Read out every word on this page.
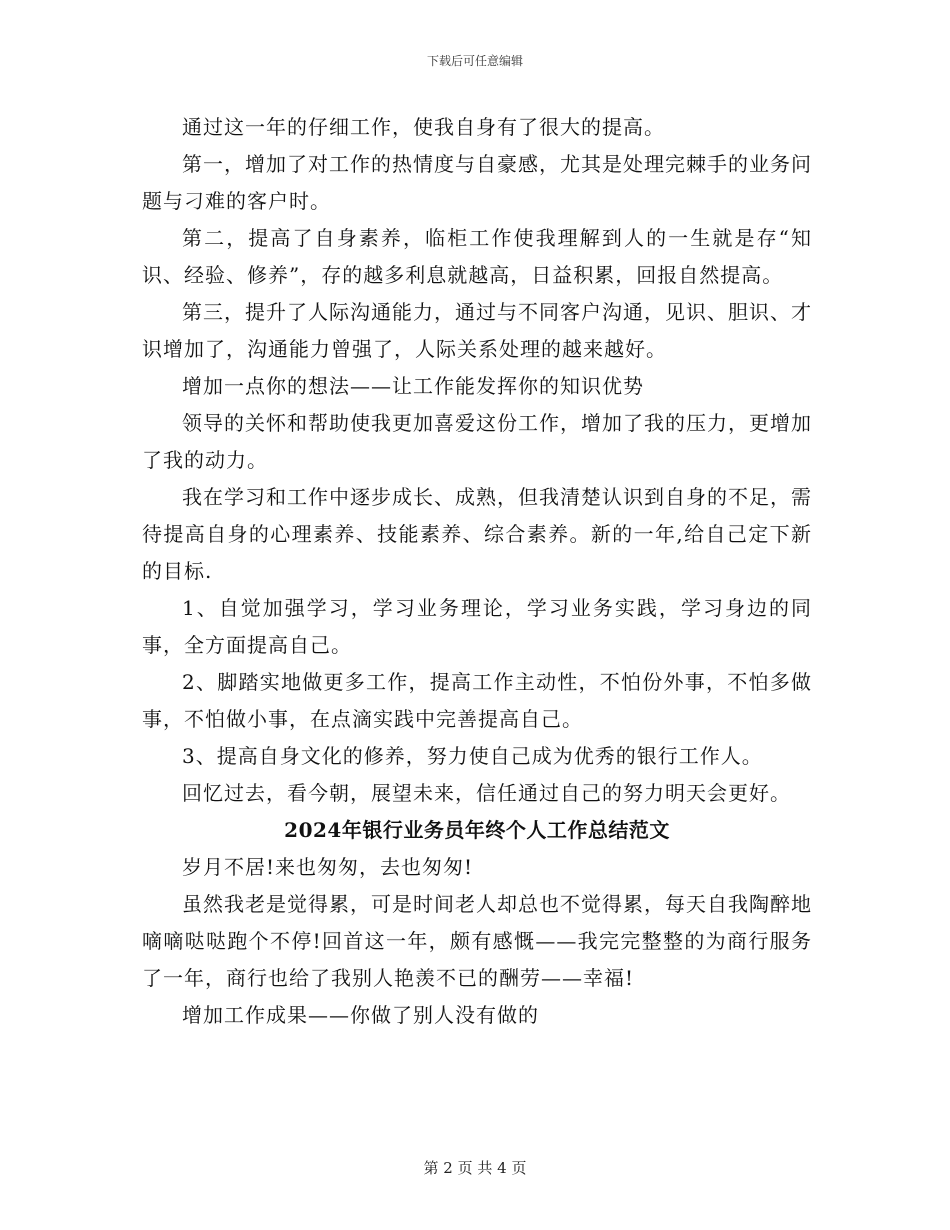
下载后可任意编辑

通过这一年的仔细工作，使我自身有了很大的提高。

第一，增加了对工作的热情度与自豪感，尤其是处理完棘手的业务问题与刁难的客户时。

第二，提高了自身素养，临柜工作使我理解到人的一生就是存“知识、经验、修养”，存的越多利息就越高，日益积累，回报自然提高。

第三，提升了人际沟通能力，通过与不同客户沟通，见识、胆识、才识增加了，沟通能力曾强了，人际关系处理的越来越好。

增加一点你的想法——让工作能发挥你的知识优势

领导的关怀和帮助使我更加喜爱这份工作，增加了我的压力，更增加了我的动力。

我在学习和工作中逐步成长、成熟，但我清楚认识到自身的不足，需待提高自身的心理素养、技能素养、综合素养。新的一年,给自己定下新的目标.

1、自觉加强学习，学习业务理论，学习业务实践，学习身边的同事，全方面提高自己。

2、脚踏实地做更多工作，提高工作主动性，不怕份外事，不怕多做事，不怕做小事，在点滴实践中完善提高自己。

3、提高自身文化的修养，努力使自己成为优秀的银行工作人。

回忆过去，看今朝，展望未来，信任通过自己的努力明天会更好。

2024年银行业务员年终个人工作总结范文

岁月不居!来也匆匆，去也匆匆!

虽然我老是觉得累，可是时间老人却总也不觉得累，每天自我陶醉地嘀嘀哒哒跑个不停!回首这一年，颇有感慨——我完完整整的为商行服务了一年，商行也给了我别人艳羡不已的酬劳——幸福!

增加工作成果——你做了别人没有做的

第 2 页 共 4 页
